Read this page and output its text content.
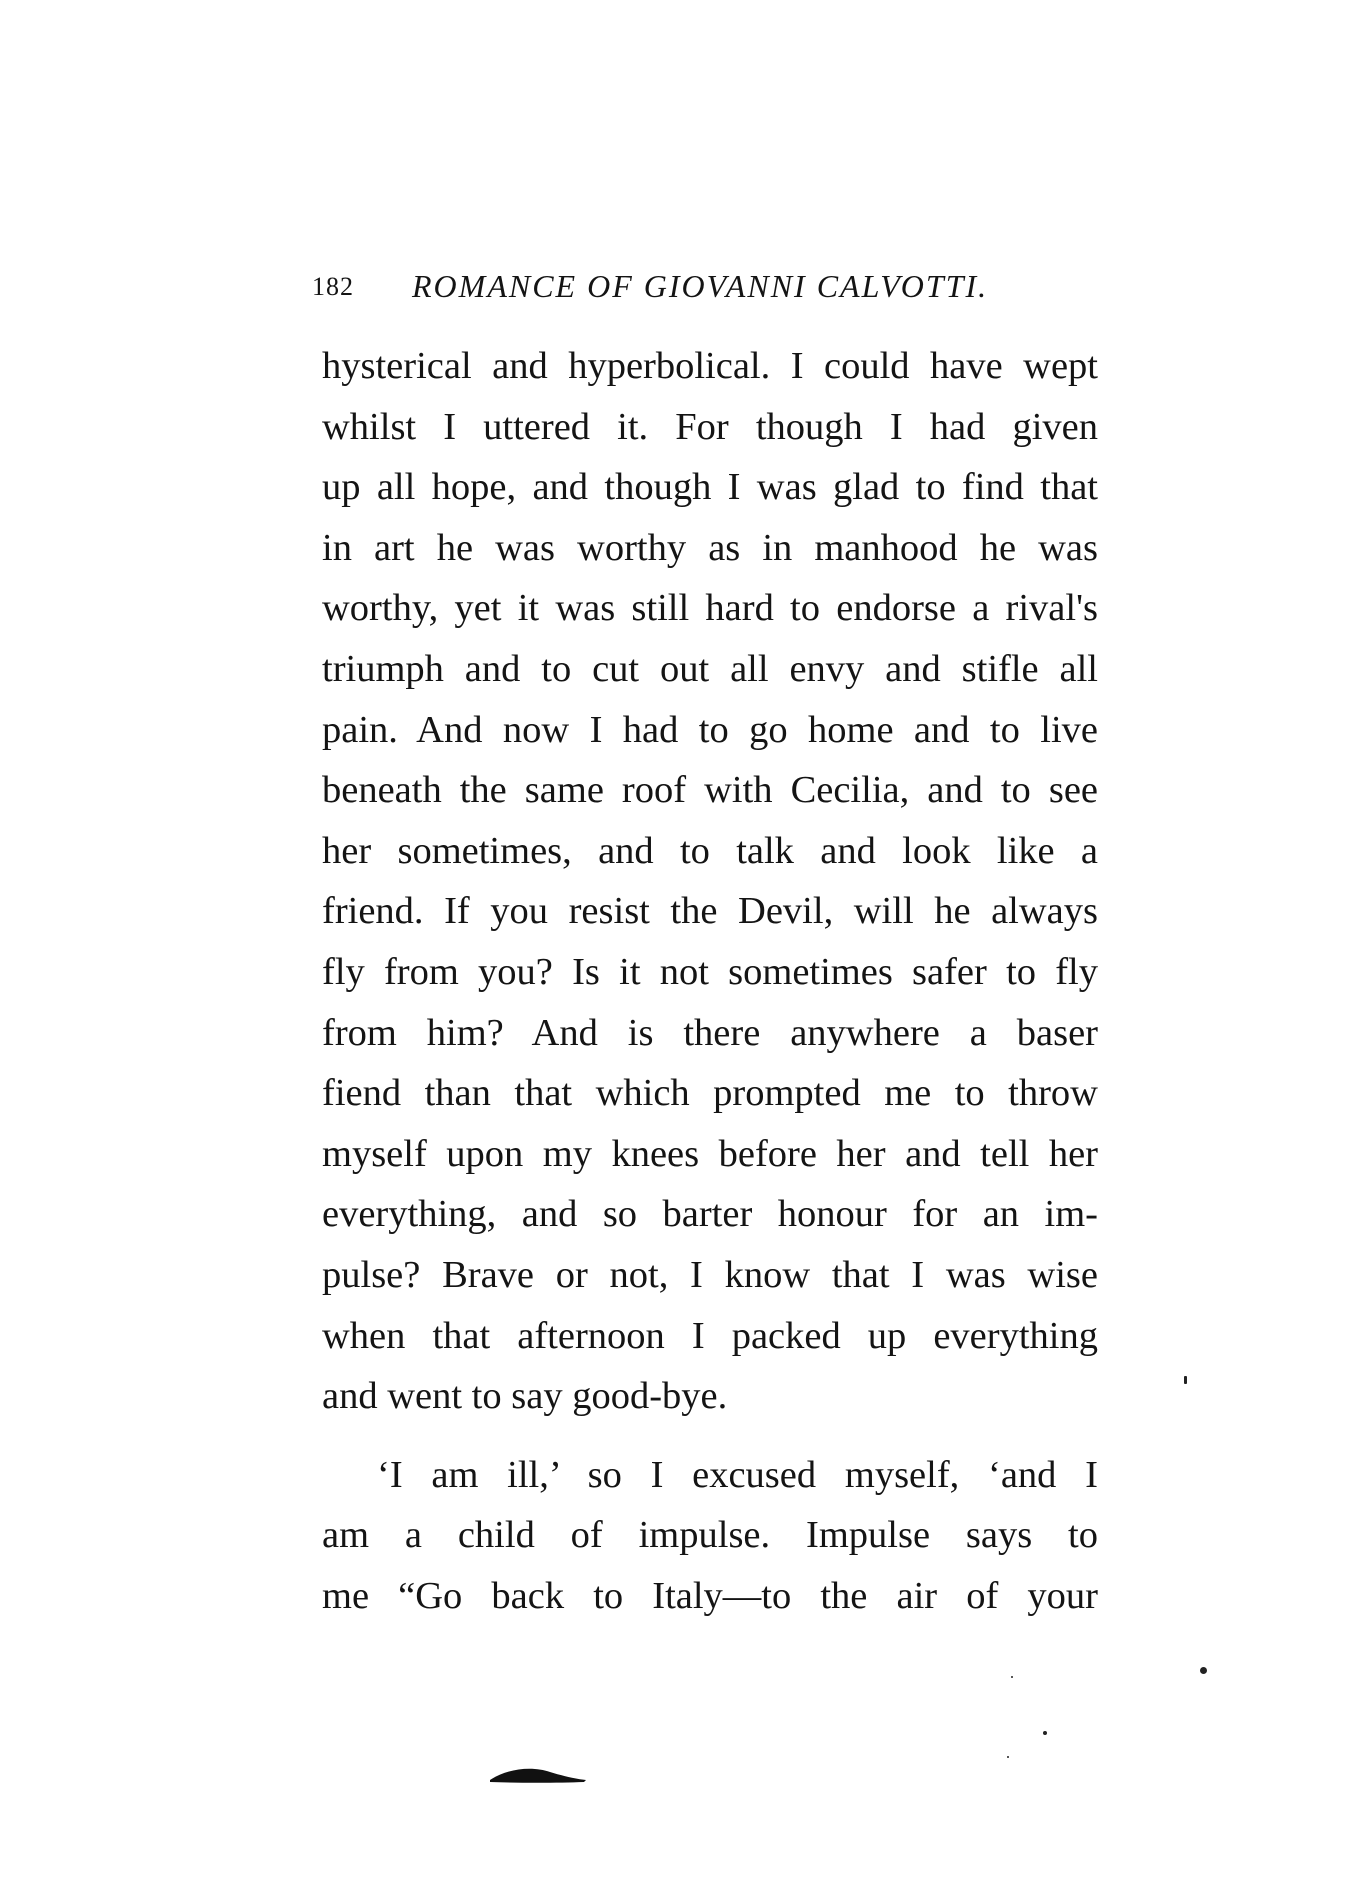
182 ROMANCE OF GIOVANNI CALVOTTI.
hysterical and hyperbolical. I could have wept
whilst I uttered it. For though I had given
up all hope, and though I was glad to find that
in art he was worthy as in manhood he was
worthy, yet it was still hard to endorse a rival's
triumph and to cut out all envy and stifle all
pain. And now I had to go home and to live
beneath the same roof with Cecilia, and to see
her sometimes, and to talk and look like a
friend. If you resist the Devil, will he always
fly from you? Is it not sometimes safer to fly
from him? And is there anywhere a baser
fiend than that which prompted me to throw
myself upon my knees before her and tell her
everything, and so barter honour for an im-
pulse? Brave or not, I know that I was wise
when that afternoon I packed up everything
and went to say good-bye.
‘I am ill,’ so I excused myself, ‘and I
am a child of impulse. Impulse says to
me “Go back to Italy—to the air of your
